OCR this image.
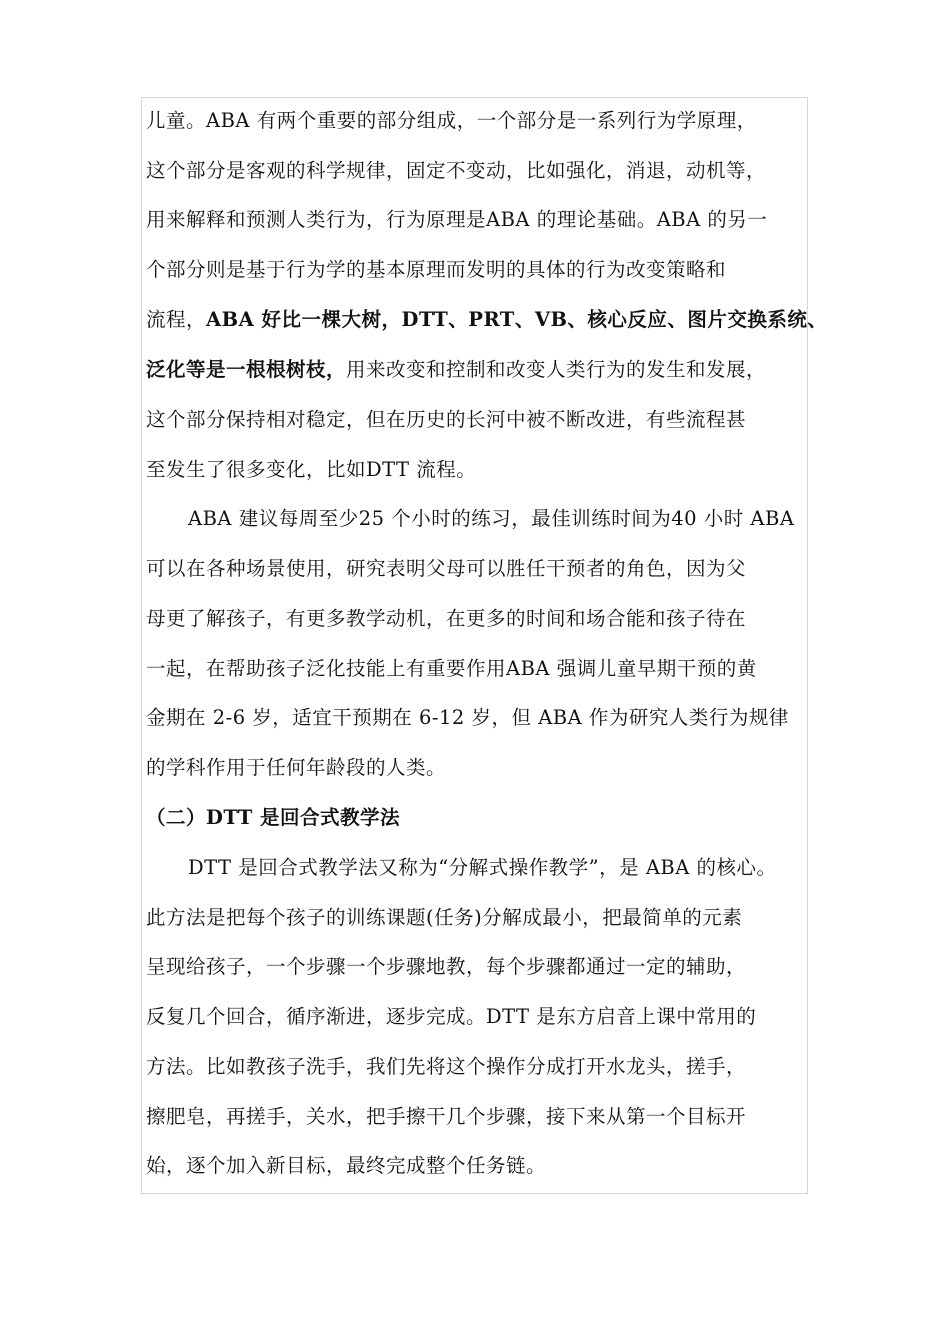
儿童。ABA 有两个重要的部分组成，一个部分是一系列行为学原理，
这个部分是客观的科学规律，固定不变动，比如强化，消退，动机等，
用来解释和预测人类行为，行为原理是ABA 的理论基础。ABA 的另一
个部分则是基于行为学的基本原理而发明的具体的行为改变策略和
流程，ABA 好比一棵大树，DTT、PRT、VB、核心反应、图片交换系统、
泛化等是一根根树枝，用来改变和控制和改变人类行为的发生和发展，
这个部分保持相对稳定，但在历史的长河中被不断改进，有些流程甚
至发生了很多变化，比如DTT 流程。
ABA 建议每周至少25 个小时的练习，最佳训练时间为40 小时 ABA
可以在各种场景使用，研究表明父母可以胜任干预者的角色，因为父
母更了解孩子，有更多教学动机，在更多的时间和场合能和孩子待在
一起，在帮助孩子泛化技能上有重要作用ABA 强调儿童早期干预的黄
金期在 2-6 岁，适宜干预期在 6-12 岁，但 ABA 作为研究人类行为规律
的学科作用于任何年龄段的人类。
（二）DTT 是回合式教学法
DTT 是回合式教学法又称为“分解式操作教学”，是 ABA 的核心。
此方法是把每个孩子的训练课题(任务)分解成最小，把最简单的元素
呈现给孩子，一个步骤一个步骤地教，每个步骤都通过一定的辅助，
反复几个回合，循序渐进，逐步完成。DTT 是东方启音上课中常用的
方法。比如教孩子洗手，我们先将这个操作分成打开水龙头，搓手，
擦肥皂，再搓手，关水，把手擦干几个步骤，接下来从第一个目标开
始，逐个加入新目标，最终完成整个任务链。
